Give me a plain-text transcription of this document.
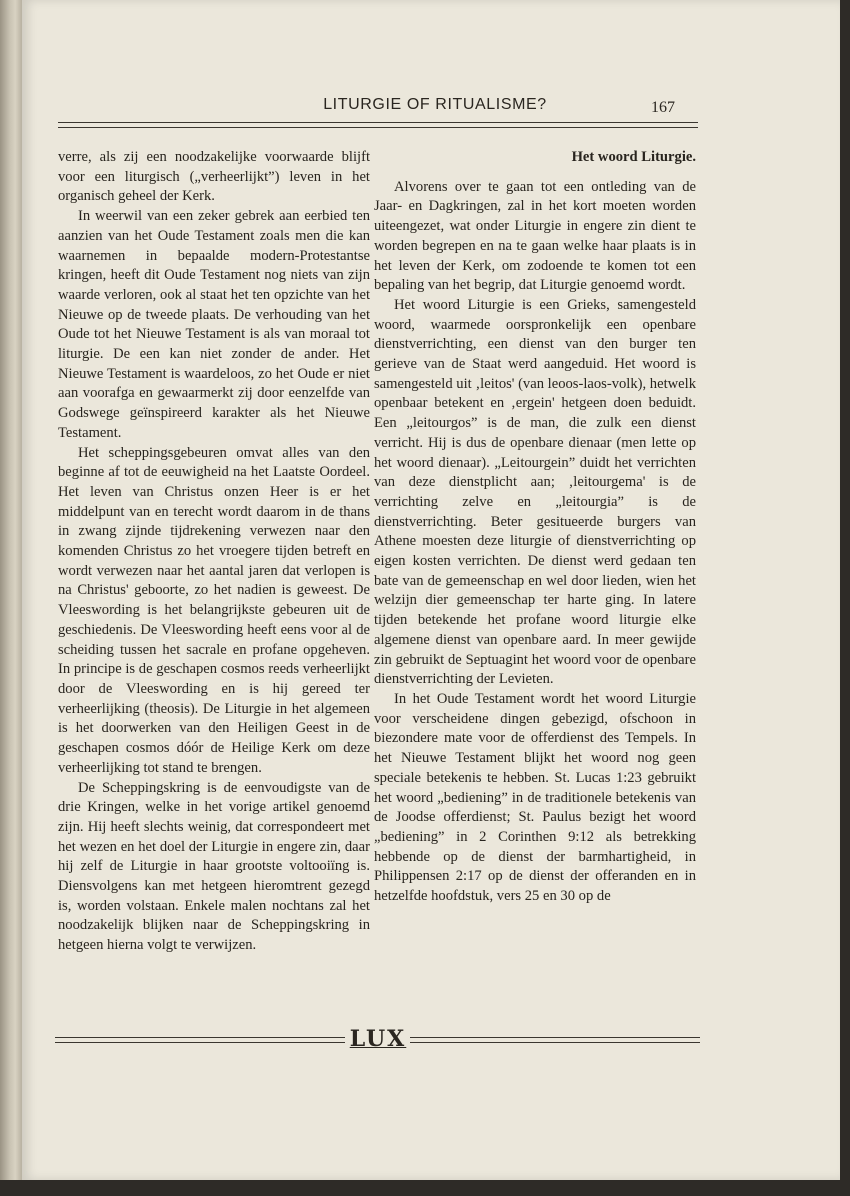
LITURGIE OF RITUALISME?	167

verre, als zij een noodzakelijke voorwaarde blijft voor een liturgisch („verheerlijkt”) leven in het organisch geheel der Kerk.

In weerwil van een zeker gebrek aan eerbied ten aanzien van het Oude Testament zoals men die kan waarnemen in bepaalde modern-Protestantse kringen, heeft dit Oude Testament nog niets van zijn waarde verloren, ook al staat het ten opzichte van het Nieuwe op de tweede plaats. De verhouding van het Oude tot het Nieuwe Testament is als van moraal tot liturgie. De een kan niet zonder de ander. Het Nieuwe Testament is waardeloos, zo het Oude er niet aan voorafga en gewaarmerkt zij door eenzelfde van Godswege geïnspireerd karakter als het Nieuwe Testament.

Het scheppingsgebeuren omvat alles van den beginne af tot de eeuwigheid na het Laatste Oordeel. Het leven van Christus onzen Heer is er het middelpunt van en terecht wordt daarom in de thans in zwang zijnde tijdrekening verwezen naar den komenden Christus zo het vroegere tijden betreft en wordt verwezen naar het aantal jaren dat verlopen is na Christus' geboorte, zo het nadien is geweest. De Vleeswording is het belangrijkste gebeuren uit de geschiedenis. De Vleeswording heeft eens voor al de scheiding tussen het sacrale en profane opgeheven. In principe is de geschapen cosmos reeds verheerlijkt door de Vleeswording en is hij gereed ter verheerlijking (theosis). De Liturgie in het algemeen is het doorwerken van den Heiligen Geest in de geschapen cosmos dóór de Heilige Kerk om deze verheerlijking tot stand te brengen.

De Scheppingskring is de eenvoudigste van de drie Kringen, welke in het vorige artikel genoemd zijn. Hij heeft slechts weinig, dat correspondeert met het wezen en het doel der Liturgie in engere zin, daar hij zelf de Liturgie in haar grootste voltooiïng is. Diensvolgens kan met hetgeen hieromtrent gezegd is, worden volstaan. Enkele malen nochtans zal het noodzakelijk blijken naar de Scheppingskring in hetgeen hierna volgt te verwijzen.

Het woord Liturgie.

Alvorens over te gaan tot een ontleding van de Jaar- en Dagkringen, zal in het kort moeten worden uiteengezet, wat onder Liturgie in engere zin dient te worden begrepen en na te gaan welke haar plaats is in het leven der Kerk, om zodoende te komen tot een bepaling van het begrip, dat Liturgie genoemd wordt.

Het woord Liturgie is een Grieks, samengesteld woord, waarmede oorspronkelijk een openbare dienstverrichting, een dienst van den burger ten gerieve van de Staat werd aangeduid. Het woord is samengesteld uit ‚leitos' (van leoos-laos-volk), hetwelk openbaar betekent en ‚ergein' hetgeen doen beduidt. Een „leitourgos” is de man, die zulk een dienst verricht. Hij is dus de openbare dienaar (men lette op het woord dienaar). „Leitourgein” duidt het verrichten van deze dienstplicht aan; ‚leitourgema' is de verrichting zelve en „leitourgia” is de dienstverrichting. Beter gesitueerde burgers van Athene moesten deze liturgie of dienstverrichting op eigen kosten verrichten. De dienst werd gedaan ten bate van de gemeenschap en wel door lieden, wien het welzijn dier gemeenschap ter harte ging. In latere tijden betekende het profane woord liturgie elke algemene dienst van openbare aard. In meer gewijde zin gebruikt de Septuagint het woord voor de openbare dienstverrichting der Levieten.

In het Oude Testament wordt het woord Liturgie voor verscheidene dingen gebezigd, ofschoon in biezondere mate voor de offerdienst des Tempels. In het Nieuwe Testament blijkt het woord nog geen speciale betekenis te hebben. St. Lucas 1:23 gebruikt het woord „bediening” in de traditionele betekenis van de Joodse offerdienst; St. Paulus bezigt het woord „bediening” in 2 Corinthen 9:12 als betrekking hebbende op de dienst der barmhartigheid, in Philippensen 2:17 op de dienst der offeranden en in hetzelfde hoofdstuk, vers 25 en 30 op de

LUX
